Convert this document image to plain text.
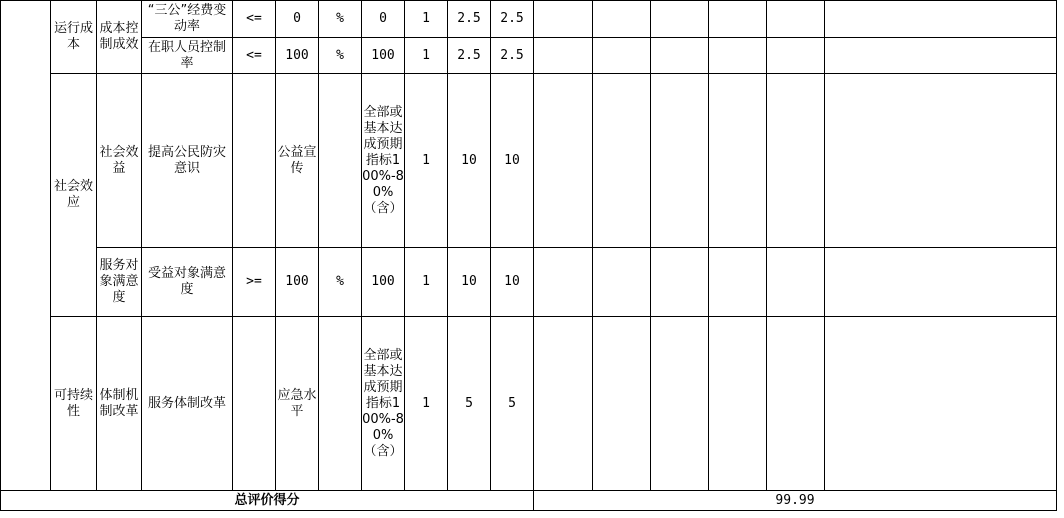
	运行成本	成本控制成效	“三公”经费变动率	<=	0	%	0	1	2.5	2.5						
			在职人员控制率	<=	100	%	100	1	2.5	2.5						
	社会效应	社会效益	提高公民防灾意识		公益宣传		全部或基本达成预期指标100%-80%（含）	1	10	10						
		服务对象满意度	受益对象满意度	>=	100	%	100	1	10	10						
	可持续性	体制机制改革	服务体制改革		应急水平		全部或基本达成预期指标100%-80%（含）	1	5	5						
总评价得分											99.99					
